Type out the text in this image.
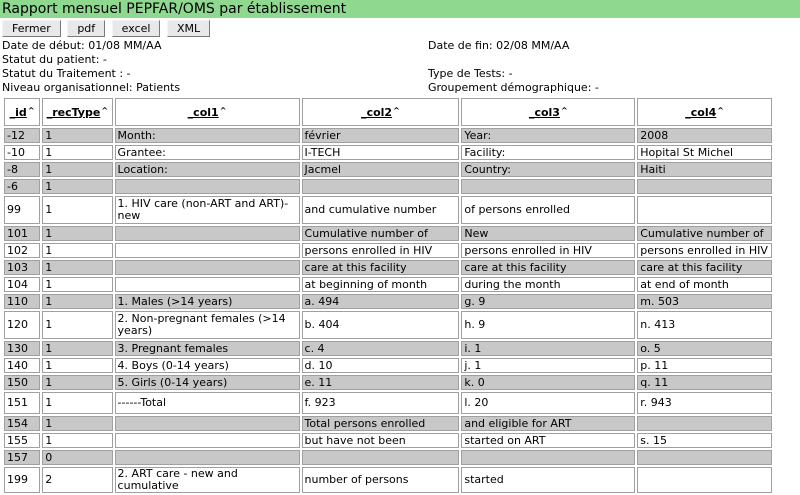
Rapport mensuel PEPFAR/OMS par établissement
Fermer pdf excel XML
Date de début: 01/08 MM/AA	Date de fin: 02/08 MM/AA
Statut du patient: -
Statut du Traitement : -	Type de Tests: -
Niveau organisationnel: Patients	Groupement démographique: -
_id^	_recType^	_col1^	_col2^	_col3^	_col4^
-12	1	Month:	février	Year:	2008
-10	1	Grantee:	I-TECH	Facility:	Hopital St Michel
-8	1	Location:	Jacmel	Country:	Haiti
-6	1				
99	1	1. HIV care (non-ART and ART)-new	and cumulative number	of persons enrolled	
101	1		Cumulative number of	New	Cumulative number of
102	1		persons enrolled in HIV	persons enrolled in HIV	persons enrolled in HIV
103	1		care at this facility	care at this facility	care at this facility
104	1		at beginning of month	during the month	at end of month
110	1	1. Males (>14 years)	a. 494	g. 9	m. 503
120	1	2. Non-pregnant females (>14 years)	b. 404	h. 9	n. 413
130	1	3. Pregnant females	c. 4	i. 1	o. 5
140	1	4. Boys (0-14 years)	d. 10	j. 1	p. 11
150	1	5. Girls (0-14 years)	e. 11	k. 0	q. 11
151	1	------Total	f. 923	l. 20	r. 943
154	1		Total persons enrolled	and eligible for ART	
155	1		but have not been	started on ART	s. 15
157	0				
199	2	2. ART care - new and cumulative	number of persons	started	
